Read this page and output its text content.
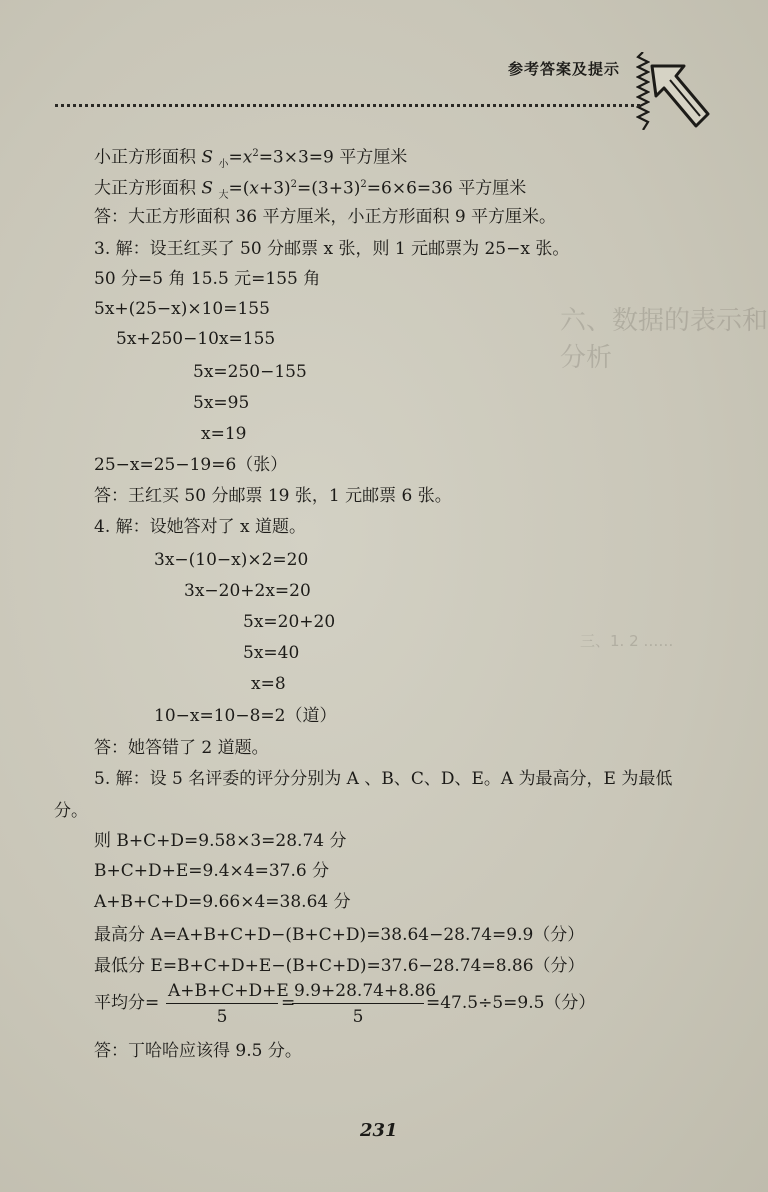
六、数据的表示和分析
三、1. 2 ……
参考答案及提示
小正方形面积 S $_小=x^2=3\times 3=9$ 平方厘米
大正方形面积 S $_大=(x+3)^2=(3+3)^2=6\times 6=36$ 平方厘米
答：大正方形面积 36 平方厘米，小正方形面积 9 平方厘米。
3. 解：设王红买了 50 分邮票 x 张，则 1 元邮票为 25−x 张。
50 分=5 角 15.5 元=155 角
5x+(25−x)×10=155
5x+250−10x=155
5x=250−155
5x=95
x=19
25−x=25−19=6（张）
答：王红买 50 分邮票 19 张，1 元邮票 6 张。
4. 解：设她答对了 x 道题。
3x−(10−x)×2=20
3x−20+2x=20
5x=20+20
5x=40
x=8
10−x=10−8=2（道）
答：她答错了 2 道题。
5. 解：设 5 名评委的评分分别为 A 、B、C、D、E。A 为最高分，E 为最低
分。
则 B+C+D=9.58×3=28.74 分
B+C+D+E=9.4×4=37.6 分
A+B+C+D=9.66×4=38.64 分
最高分 A=A+B+C+D−(B+C+D)=38.64−28.74=9.9（分）
最低分 E=B+C+D+E−(B+C+D)=37.6−28.74=8.86（分）
平均分= $\frac{A+B+C+D+E}{5}$ =
$\frac{9.9+28.74+8.86}{5} =47.5\div 5=9.5$（分）
答：丁哈哈应该得 9.5 分。
231
